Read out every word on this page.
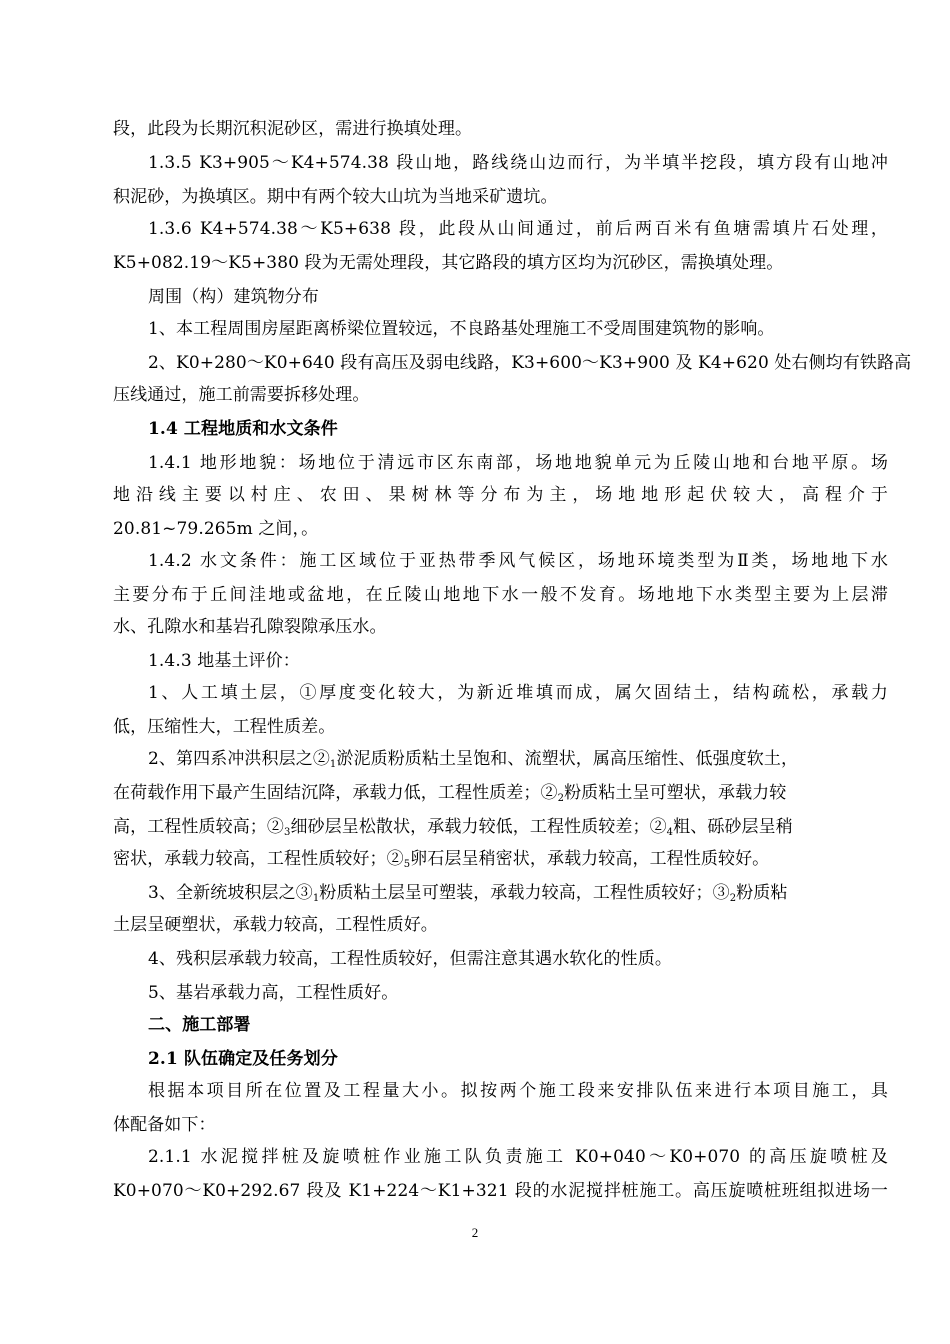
段，此段为长期沉积泥砂区，需进行换填处理。
1.3.5 K3+905～K4+574.38 段山地，路线绕山边而行，为半填半挖段，填方段有山地冲
积泥砂，为换填区。期中有两个较大山坑为当地采矿遗坑。
1.3.6 K4+574.38～K5+638 段，此段从山间通过，前后两百米有鱼塘需填片石处理，
K5+082.19～K5+380 段为无需处理段，其它路段的填方区均为沉砂区，需换填处理。
周围（构）建筑物分布
1、本工程周围房屋距离桥梁位置较远，不良路基处理施工不受周围建筑物的影响。
2、K0+280～K0+640 段有高压及弱电线路，K3+600～K3+900 及 K4+620 处右侧均有铁路高
压线通过，施工前需要拆移处理。
1.4 工程地质和水文条件
1.4.1 地形地貌：场地位于清远市区东南部，场地地貌单元为丘陵山地和台地平原。场
地沿线主要以村庄、农田、果树林等分布为主，场地地形起伏较大，高程介于
20.81~79.265m 之间，。
1.4.2 水文条件：施工区域位于亚热带季风气候区，场地环境类型为Ⅱ类，场地地下水
主要分布于丘间洼地或盆地，在丘陵山地地下水一般不发育。场地地下水类型主要为上层滞
水、孔隙水和基岩孔隙裂隙承压水。
1.4.3 地基土评价：
1、人工填土层，①厚度变化较大，为新近堆填而成，属欠固结土，结构疏松，承载力
低，压缩性大，工程性质差。
2、第四系冲洪积层之$②_1$淤泥质粉质粘土呈饱和、流塑状，属高压缩性、低强度软土，
在荷载作用下最产生固结沉降，承载力低，工程性质差；$②_2$粉质粘土呈可塑状，承载力较
高，工程性质较高；$②_3$细砂层呈松散状，承载力较低，工程性质较差；$②_4$粗、砾砂层呈稍
密状，承载力较高，工程性质较好；$②_5$卵石层呈稍密状，承载力较高，工程性质较好。
3、全新统坡积层之$③_1$粉质粘土层呈可塑装，承载力较高，工程性质较好；$③_2$粉质粘
土层呈硬塑状，承载力较高，工程性质好。
4、残积层承载力较高，工程性质较好，但需注意其遇水软化的性质。
5、基岩承载力高，工程性质好。
二、施工部署
2.1 队伍确定及任务划分
根据本项目所在位置及工程量大小。拟按两个施工段来安排队伍来进行本项目施工，具
体配备如下：
2.1.1 水泥搅拌桩及旋喷桩作业施工队负责施工 K0+040～K0+070 的高压旋喷桩及
K0+070～K0+292.67 段及 K1+224～K1+321 段的水泥搅拌桩施工。高压旋喷桩班组拟进场一
2
